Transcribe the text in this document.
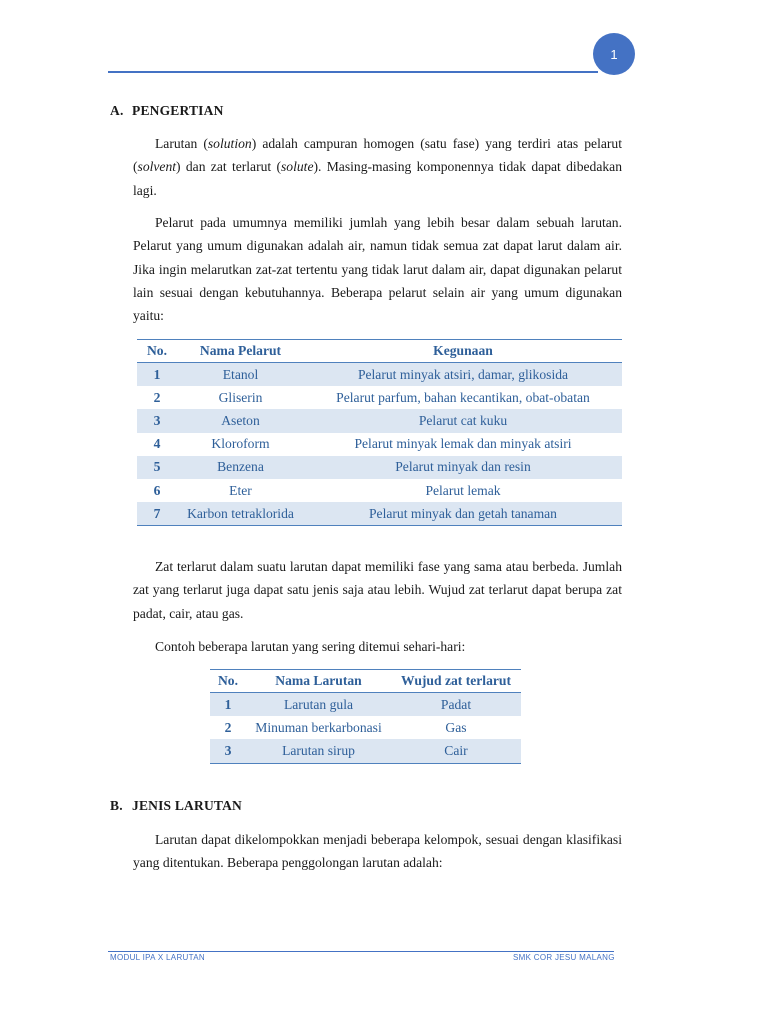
1
A. PENGERTIAN

Larutan (solution) adalah campuran homogen (satu fase) yang terdiri atas pelarut (solvent) dan zat terlarut (solute). Masing-masing komponennya tidak dapat dibedakan lagi.

Pelarut pada umumnya memiliki jumlah yang lebih besar dalam sebuah larutan. Pelarut yang umum digunakan adalah air, namun tidak semua zat dapat larut dalam air. Jika ingin melarutkan zat-zat tertentu yang tidak larut dalam air, dapat digunakan pelarut lain sesuai dengan kebutuhannya. Beberapa pelarut selain air yang umum digunakan yaitu:

No.	Nama Pelarut	Kegunaan
1	Etanol	Pelarut minyak atsiri, damar, glikosida
2	Gliserin	Pelarut parfum, bahan kecantikan, obat-obatan
3	Aseton	Pelarut cat kuku
4	Kloroform	Pelarut minyak lemak dan minyak atsiri
5	Benzena	Pelarut minyak dan resin
6	Eter	Pelarut lemak
7	Karbon tetraklorida	Pelarut minyak dan getah tanaman

Zat terlarut dalam suatu larutan dapat memiliki fase yang sama atau berbeda. Jumlah zat yang terlarut juga dapat satu jenis saja atau lebih. Wujud zat terlarut dapat berupa zat padat, cair, atau gas.

Contoh beberapa larutan yang sering ditemui sehari-hari:

No.	Nama Larutan	Wujud zat terlarut
1	Larutan gula	Padat
2	Minuman berkarbonasi	Gas
3	Larutan sirup	Cair
B. JENIS LARUTAN

Larutan dapat dikelompokkan menjadi beberapa kelompok, sesuai dengan klasifikasi yang ditentukan. Beberapa penggolongan larutan adalah:

MODUL IPA X LARUTAN	SMK COR JESU MALANG
